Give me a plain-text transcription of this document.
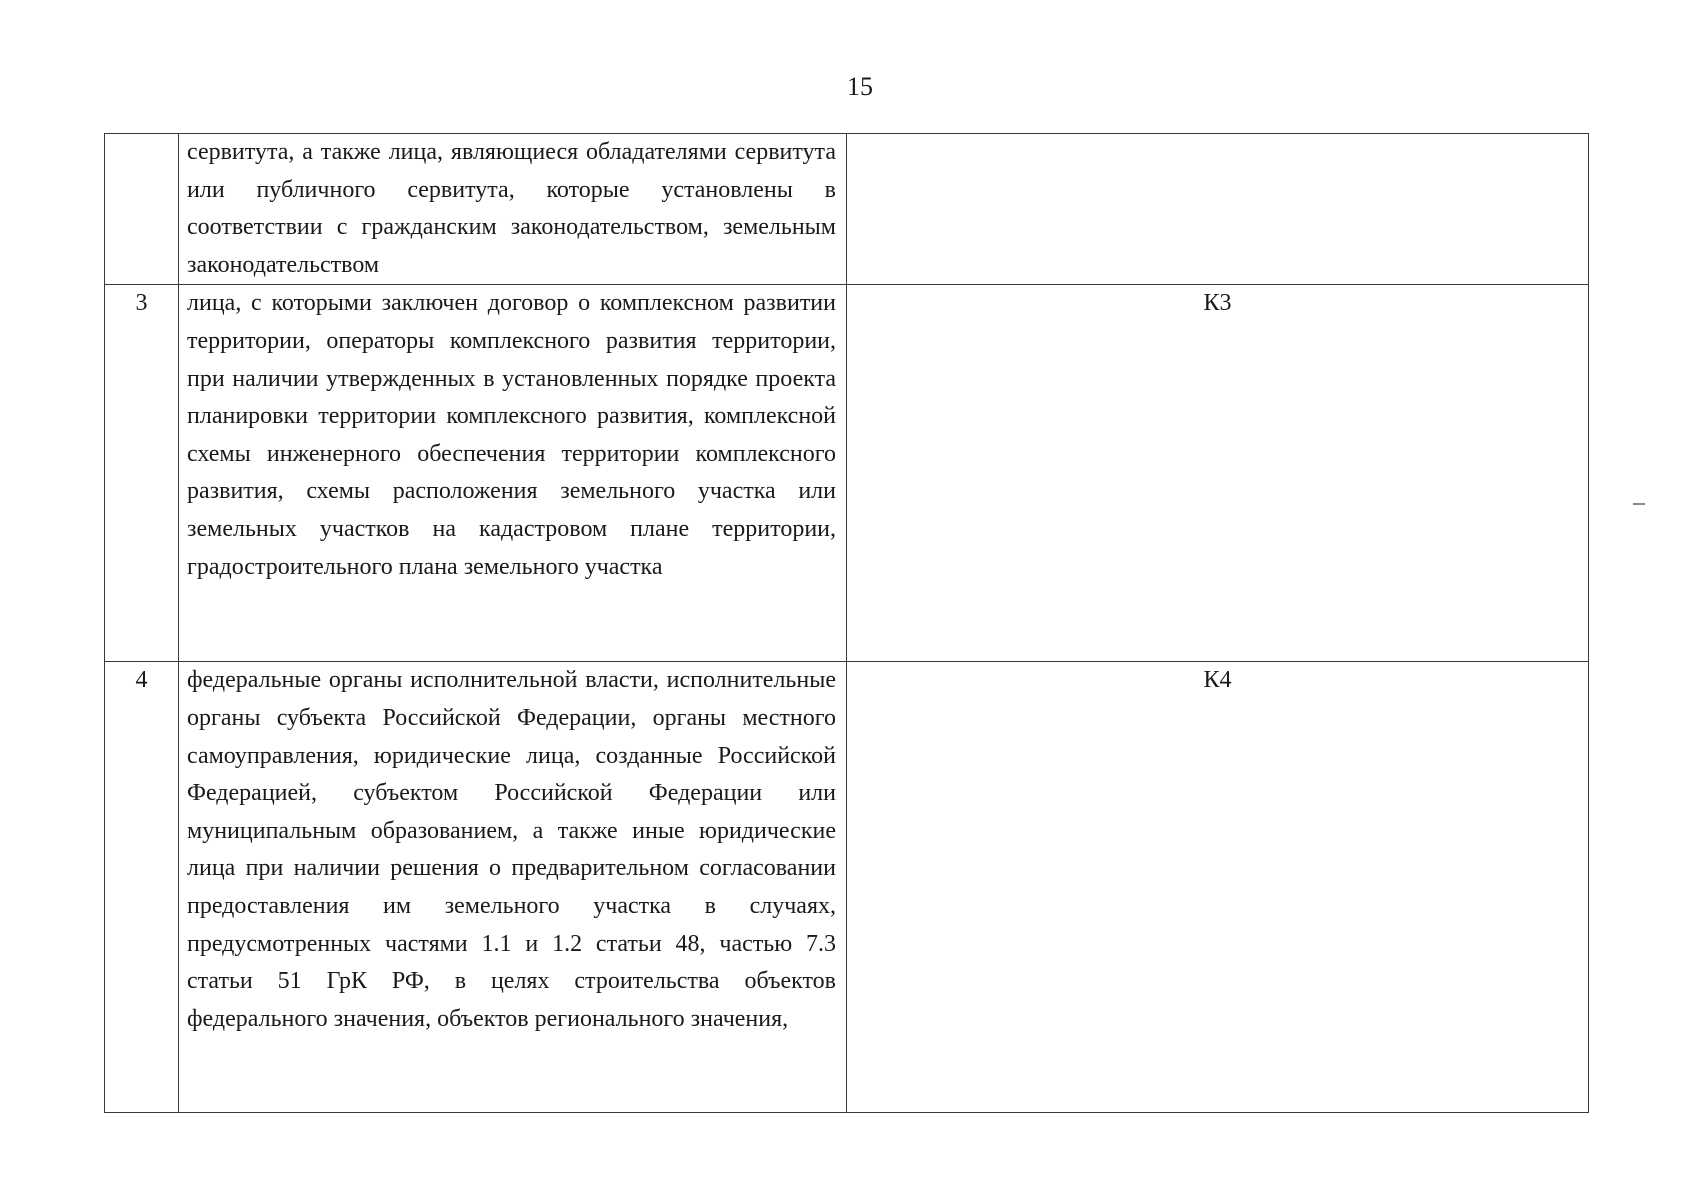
15
	сервитута, а также лица, являющиеся обладателями сервитута или публичного сервитута, которые установлены в соответствии с гражданским законодательством, земельным законодательством	
3	лица, с которыми заключен договор о комплексном развитии территории, операторы комплексного развития территории, при наличии утвержденных в установленных порядке проекта планировки территории комплексного развития, комплексной схемы инженерного обеспечения территории комплексного развития, схемы расположения земельного участка или земельных участков на кадастровом плане территории, градостроительного плана земельного участка	К3
4	федеральные органы исполнительной власти, исполнительные органы субъекта Российской Федерации, органы местного самоуправления, юридические лица, созданные Российской Федерацией, субъектом Российской Федерации или муниципальным образованием, а также иные юридические лица при наличии решения о предварительном согласовании предоставления им земельного участка в случаях, предусмотренных частями 1.1 и 1.2 статьи 48, частью 7.3 статьи 51 ГрК РФ, в целях строительства объектов федерального значения, объектов регионального значения,	К4
